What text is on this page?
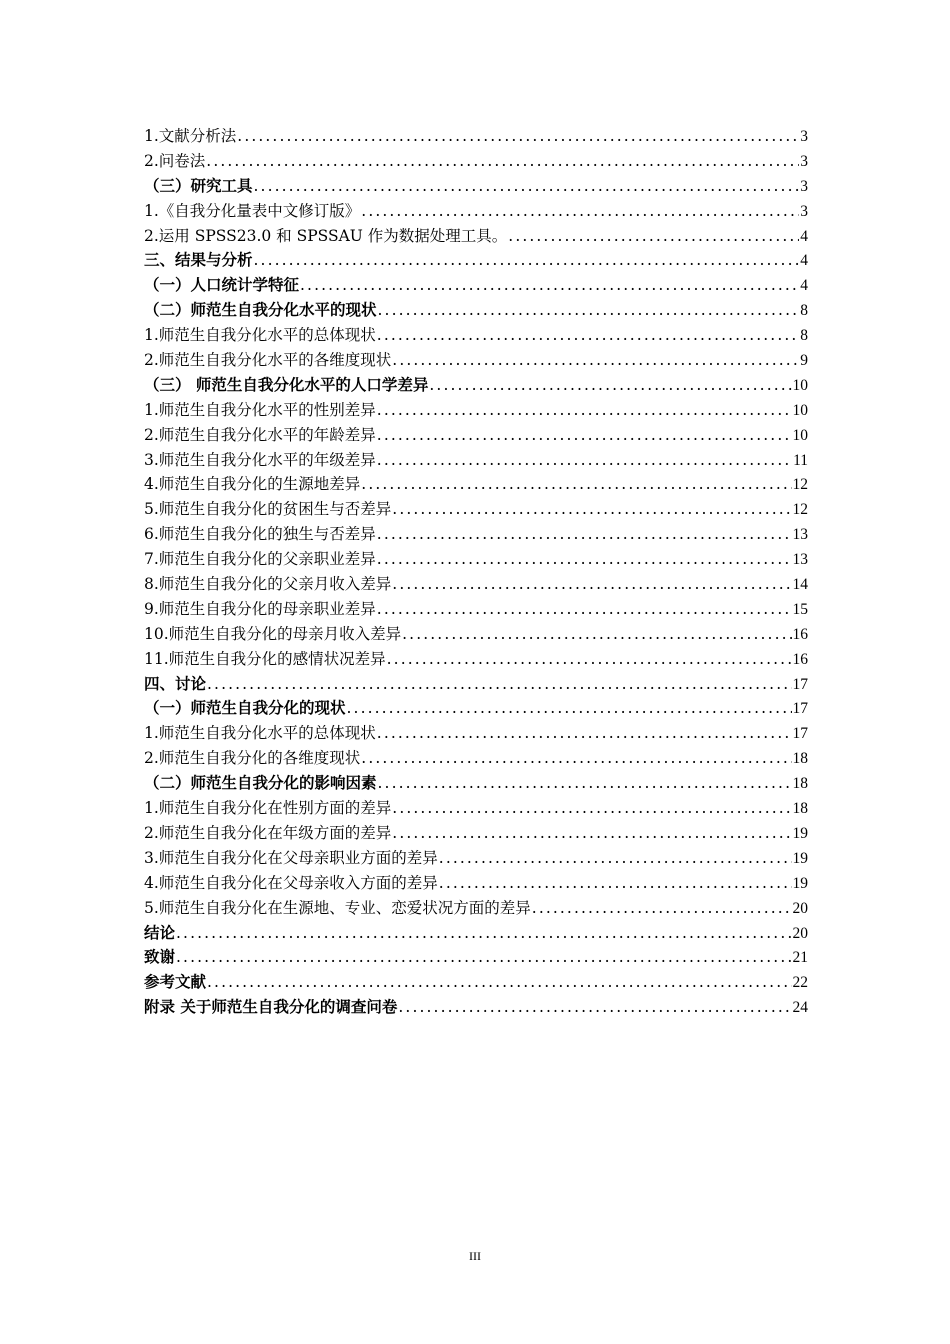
1.文献分析法 .....	3
2.问卷法 .....	3
（三）研究工具 .....	3
1.《自我分化量表中文修订版》 .....	3
2.运用 SPSS23.0 和 SPSSAU 作为数据处理工具。 .....	4
三、结果与分析 .....	4
（一）人口统计学特征 .....	4
（二）师范生自我分化水平的现状 .....	8
1.师范生自我分化水平的总体现状 .....	8
2.师范生自我分化水平的各维度现状 .....	9
（三） 师范生自我分化水平的人口学差异 .....	10
1.师范生自我分化水平的性别差异 .....	10
2.师范生自我分化水平的年龄差异 .....	10
3.师范生自我分化水平的年级差异 .....	11
4.师范生自我分化的生源地差异 .....	12
5.师范生自我分化的贫困生与否差异 .....	12
6.师范生自我分化的独生与否差异 .....	13
7.师范生自我分化的父亲职业差异 .....	13
8.师范生自我分化的父亲月收入差异 .....	14
9.师范生自我分化的母亲职业差异 .....	15
10.师范生自我分化的母亲月收入差异 .....	16
11.师范生自我分化的感情状况差异 .....	16
四、讨论 .....	17
（一）师范生自我分化的现状 .....	17
1.师范生自我分化水平的总体现状 .....	17
2.师范生自我分化的各维度现状 .....	18
（二）师范生自我分化的影响因素 .....	18
1.师范生自我分化在性别方面的差异 .....	18
2.师范生自我分化在年级方面的差异 .....	19
3.师范生自我分化在父母亲职业方面的差异 .....	19
4.师范生自我分化在父母亲收入方面的差异 .....	19
5.师范生自我分化在生源地、专业、恋爱状况方面的差异 .....	20
结论 .....	20
致谢 .....	21
参考文献 .....	22
附录 关于师范生自我分化的调查问卷 .....	24
III
